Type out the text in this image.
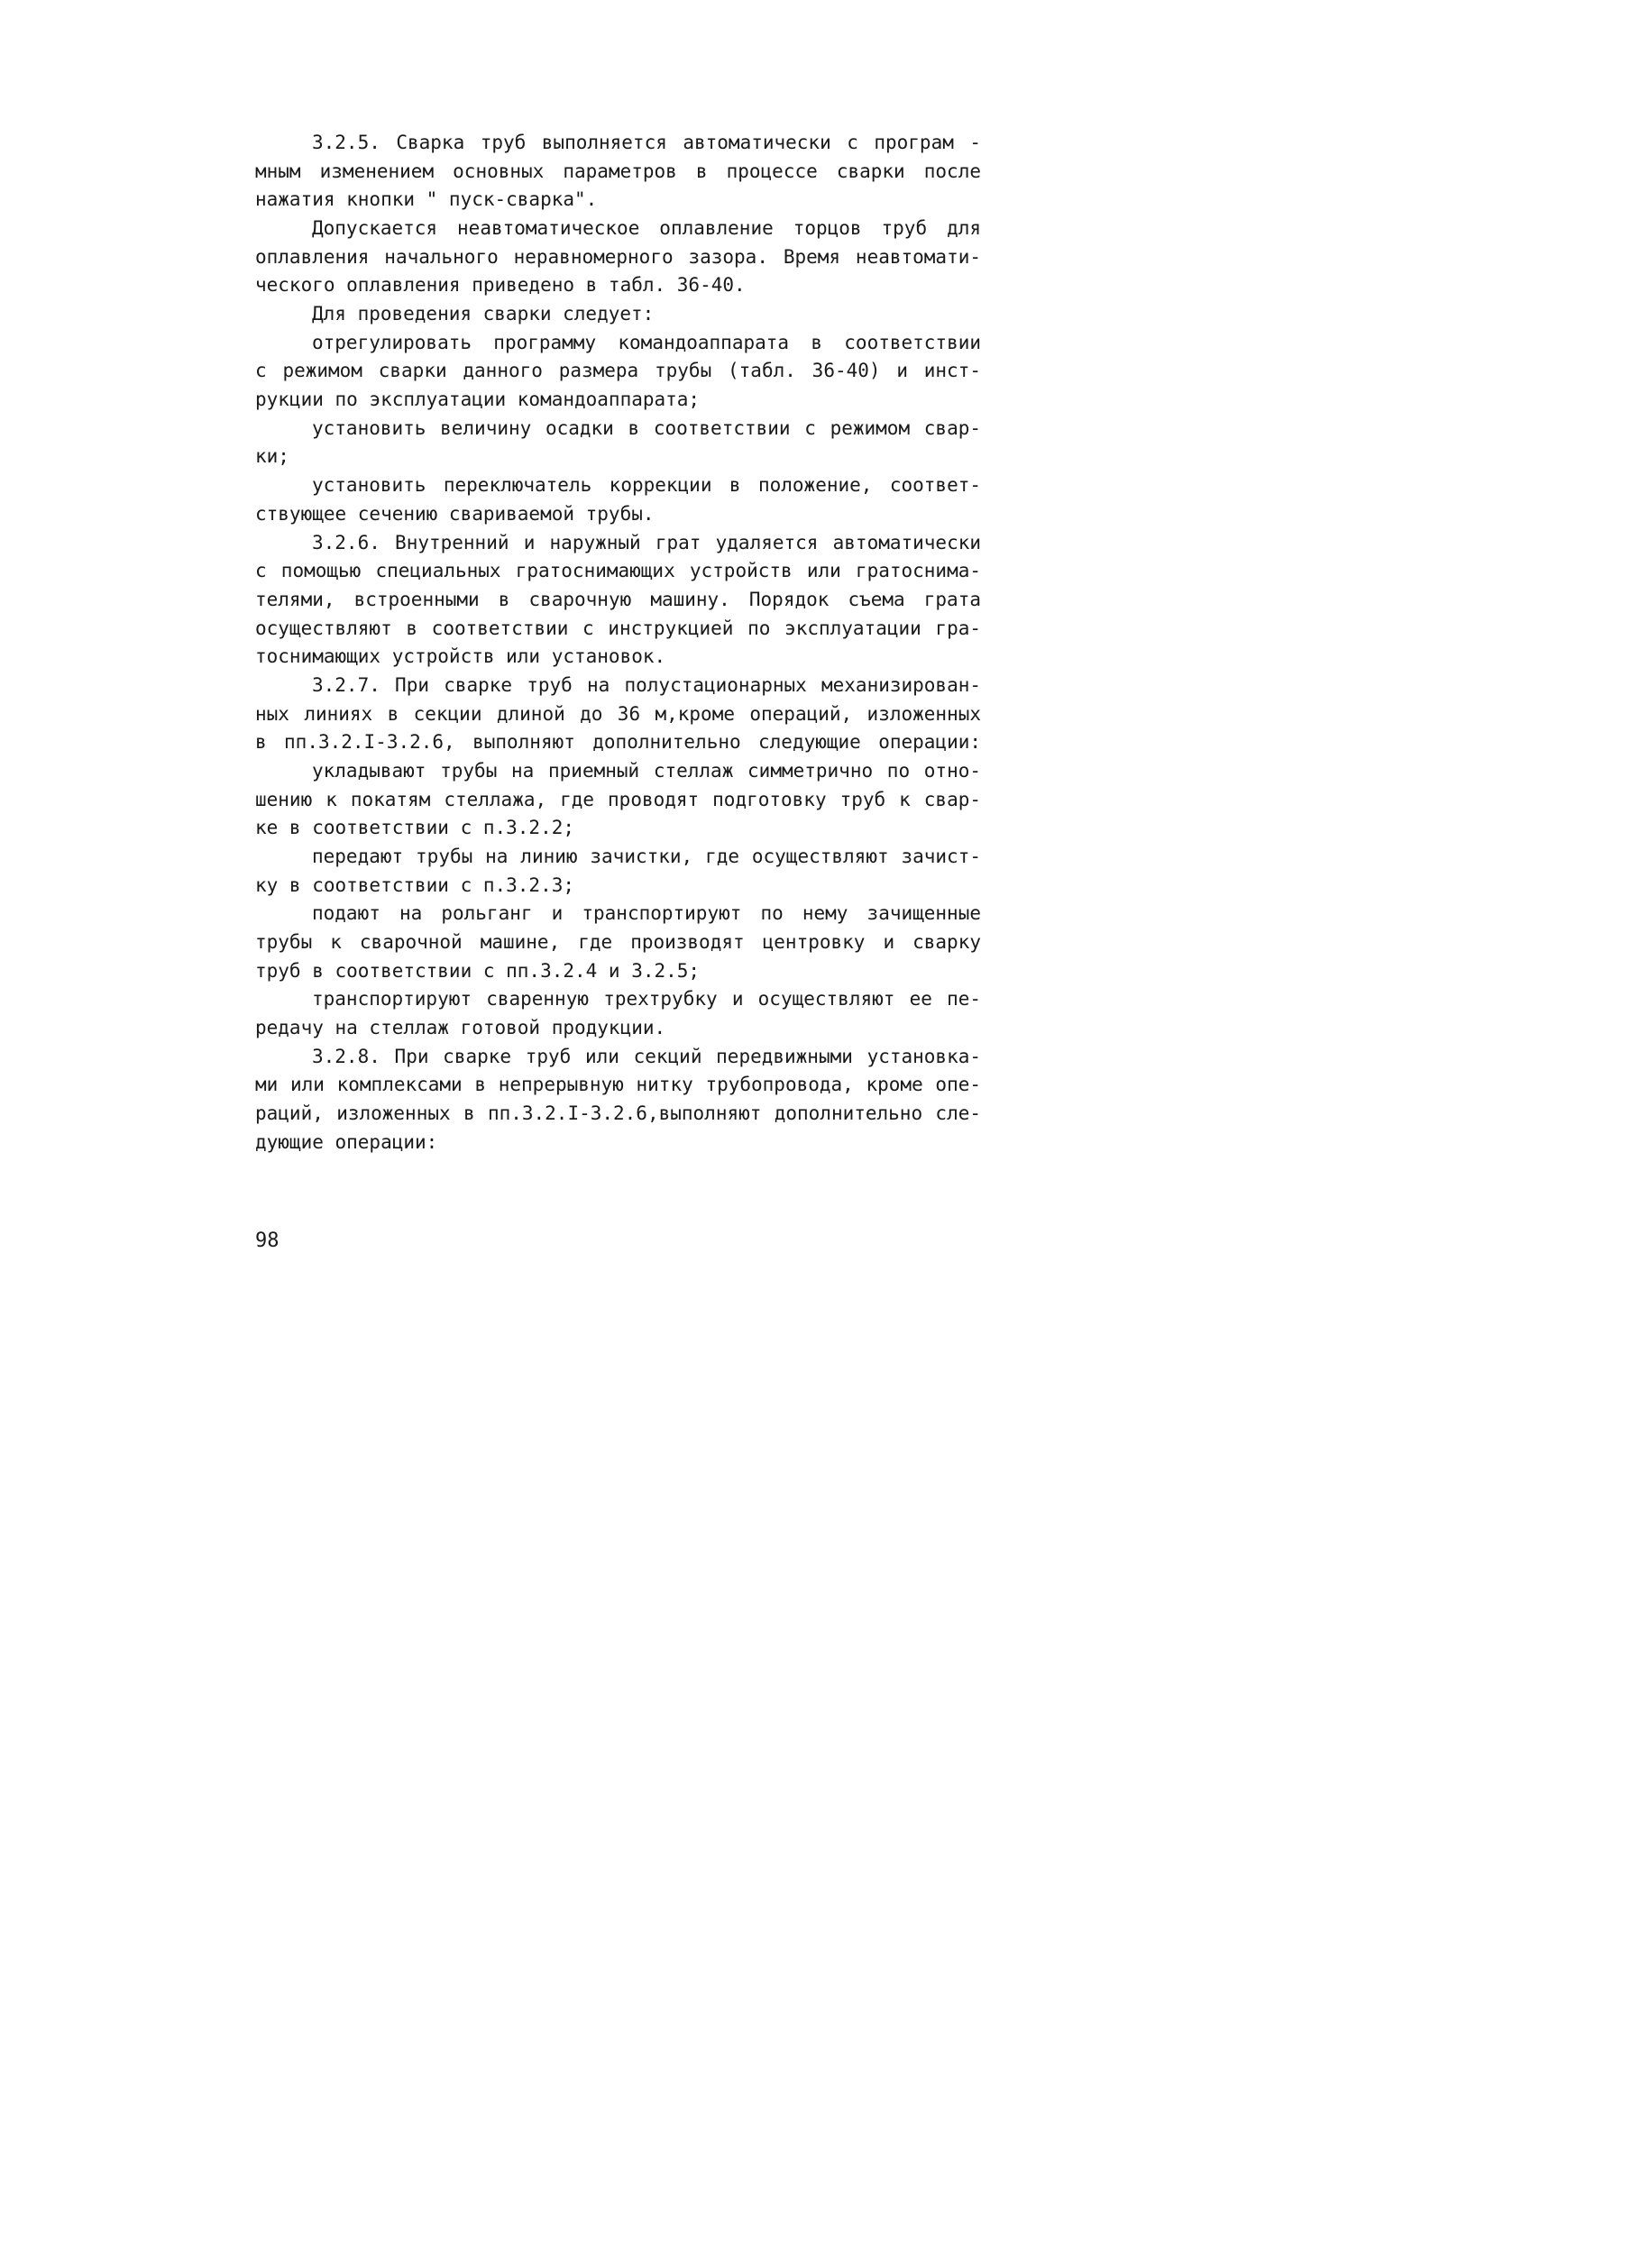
3.2.5. Сварка труб выполняется автоматически с програм -
мным изменением основных параметров в процессе сварки после
нажатия кнопки " пуск-сварка".
Допускается неавтоматическое оплавление торцов труб для
оплавления начального неравномерного зазора. Время неавтомати-
ческого оплавления приведено в табл. 36-40.
Для проведения сварки следует:
отрегулировать программу командоаппарата в соответствии
с режимом сварки данного размера трубы (табл. 36-40) и инст-
рукции по эксплуатации командоаппарата;
установить величину осадки в соответствии с режимом свар-
ки;
установить переключатель коррекции в положение, соответ-
ствующее сечению свариваемой трубы.
3.2.6. Внутренний и наружный грат удаляется автоматически
с помощью специальных гратоснимающих устройств или гратоснима-
телями, встроенными в сварочную машину. Порядок съема грата
осуществляют в соответствии с инструкцией по эксплуатации гра-
тоснимающих устройств или установок.
3.2.7. При сварке труб на полустационарных механизирован-
ных линиях в секции длиной до 36 м,кроме операций, изложенных
в пп.3.2.I-3.2.6, выполняют дополнительно следующие операции:
укладывают трубы на приемный стеллаж симметрично по отно-
шению к покатям стеллажа, где проводят подготовку труб к свар-
ке в соответствии с п.3.2.2;
передают трубы на линию зачистки, где осуществляют зачист-
ку в соответствии с п.3.2.3;
подают на рольганг и транспортируют по нему зачищенные
трубы к сварочной машине, где производят центровку и сварку
труб в соответствии с пп.3.2.4 и 3.2.5;
транспортируют сваренную трехтрубку и осуществляют ее пе-
редачу на стеллаж готовой продукции.
3.2.8. При сварке труб или секций передвижными установка-
ми или комплексами в непрерывную нитку трубопровода, кроме опе-
раций, изложенных в пп.3.2.I-3.2.6,выполняют дополнительно сле-
дующие операции:
98
